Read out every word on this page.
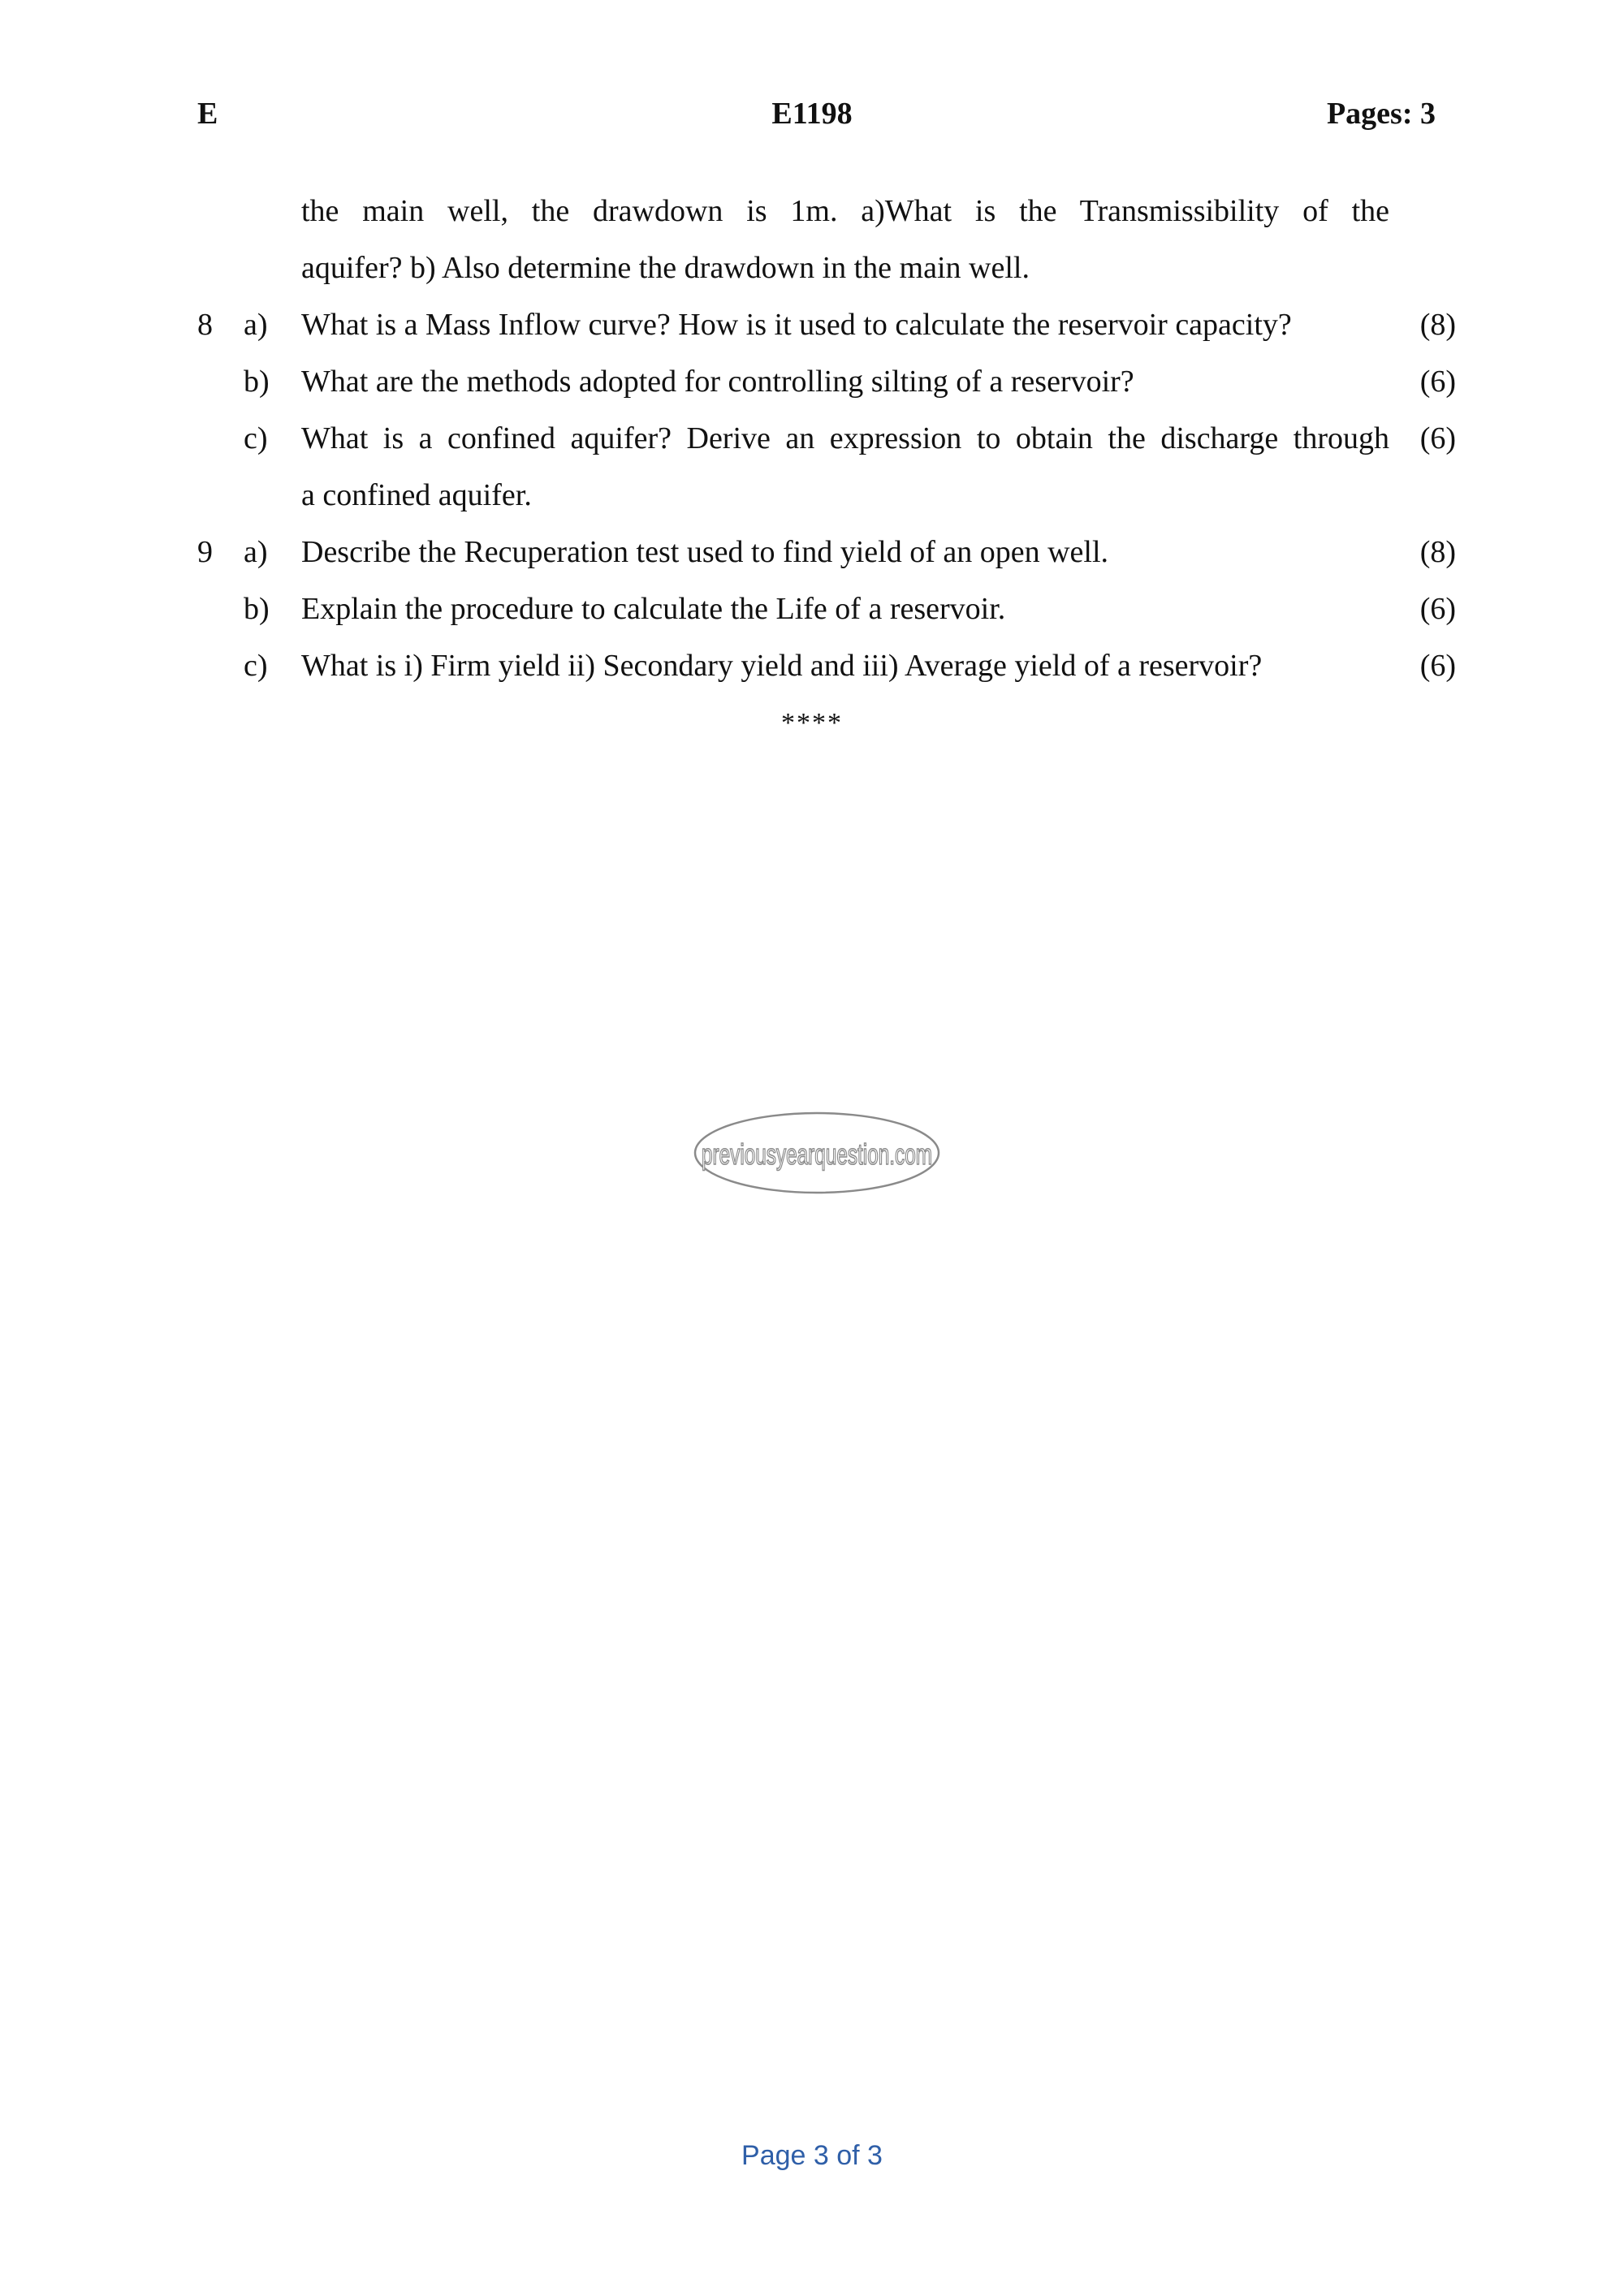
E	E1198	Pages: 3
the main well, the drawdown is 1m. a)What is the Transmissibility of the
aquifer? b) Also determine the drawdown in the main well.
8 a) What is a Mass Inflow curve? How is it used to calculate the reservoir capacity?	(8)
b) What are the methods adopted for controlling silting of a reservoir?	(6)
c) What is a confined aquifer? Derive an expression to obtain the discharge through (6)
a confined aquifer.
9 a) Describe the Recuperation test used to find yield of an open well.	(8)
b) Explain the procedure to calculate the Life of a reservoir.	(6)
c) What is i) Firm yield ii) Secondary yield and iii) Average yield of a reservoir?	(6)
****
previousyearquestion.com
Page 3 of 3
